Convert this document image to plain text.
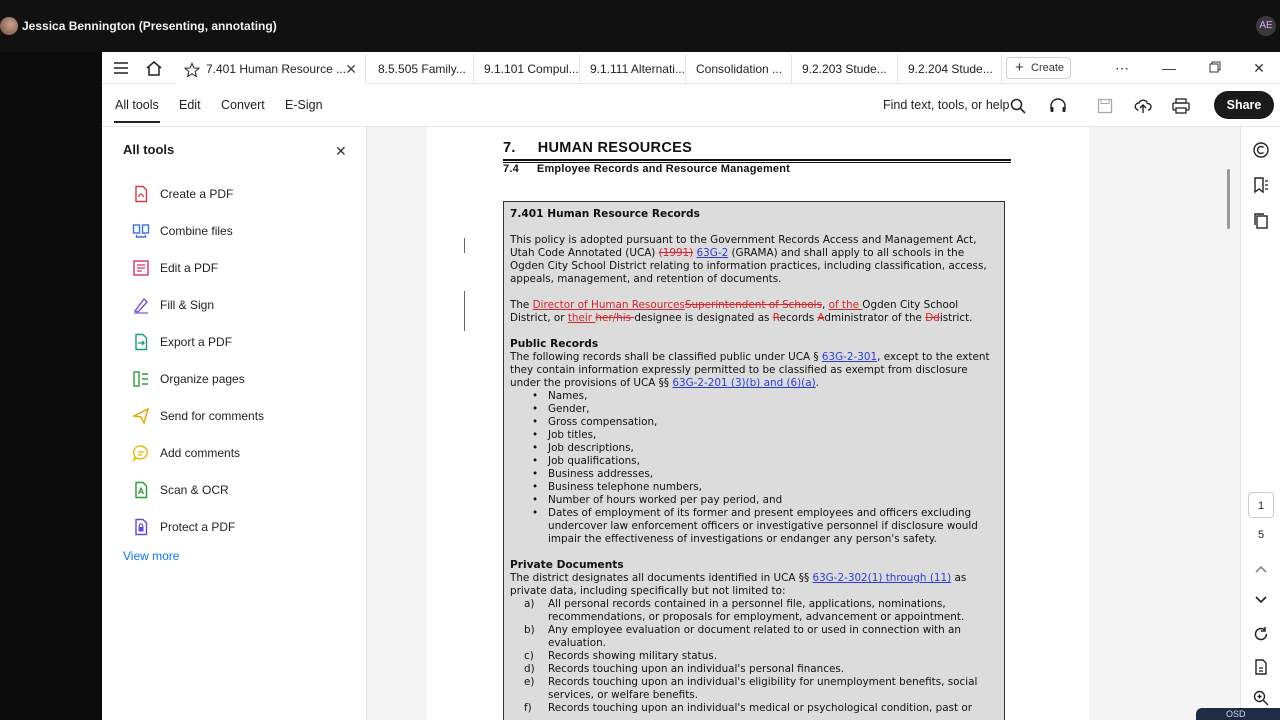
Jessica Bennington (Presenting, annotating)	AE
7.401 Human Resource ... ✕	8.5.505 Family...	9.1.101 Compul... 9.1.111 Alternati... Consolidation ...	9.2.203 Stude...	9.2.204 Stude...	+ Create	⋯	—	✕
All tools Edit Convert E-Sign	Find text, tools, or help	Share
All tools	✕
Create a PDF
Combine files
Edit a PDF
Fill & Sign
Export a PDF
Organize pages
Send for comments
Add comments
Scan & OCR
Protect a PDF
View more
7. HUMAN RESOURCES
7.4 Employee Records and Resource Management
7.401 Human Resource Records

This policy is adopted pursuant to the Government Records Access and Management Act, Utah Code Annotated (UCA) (1991) 63G-2 (GRAMA) and shall apply to all schools in the Ogden City School District relating to information practices, including classification, access, appeals, management, and retention of documents.

The Director of Human ResourcesSuperintendent of Schools, of the Ogden City School District, or their her/his designee is designated as Records Administrator of the Ddistrict.

Public Records
The following records shall be classified public under UCA § 63G-2-301, except to the extent they contain information expressly permitted to be classified as exempt from disclosure under the provisions of UCA §§ 63G-2-201 (3)(b) and (6)(a).
• Names,
• Gender,
• Gross compensation,
• Job titles,
• Job descriptions,
• Job qualifications,
• Business addresses,
• Business telephone numbers,
• Number of hours worked per pay period, and
• Dates of employment of its former and present employees and officers excluding undercover law enforcement officers or investigative personnel if disclosure would impair the effectiveness of investigations or endanger any person's safety.
Private Documents
The district designates all documents identified in UCA §§ 63G-2-302(1) through (11) as private data, including specifically but not limited to:
a) All personal records contained in a personnel file, applications, nominations, recommendations, or proposals for employment, advancement or appointment.
b) Any employee evaluation or document related to or used in connection with an evaluation.
c) Records showing military status.
d) Records touching upon an individual's personal finances.
e) Records touching upon an individual's eligibility for unemployment benefits, social services, or welfare benefits.
f) Records touching upon an individual's medical or psychological condition, past or
1
5
OSD
